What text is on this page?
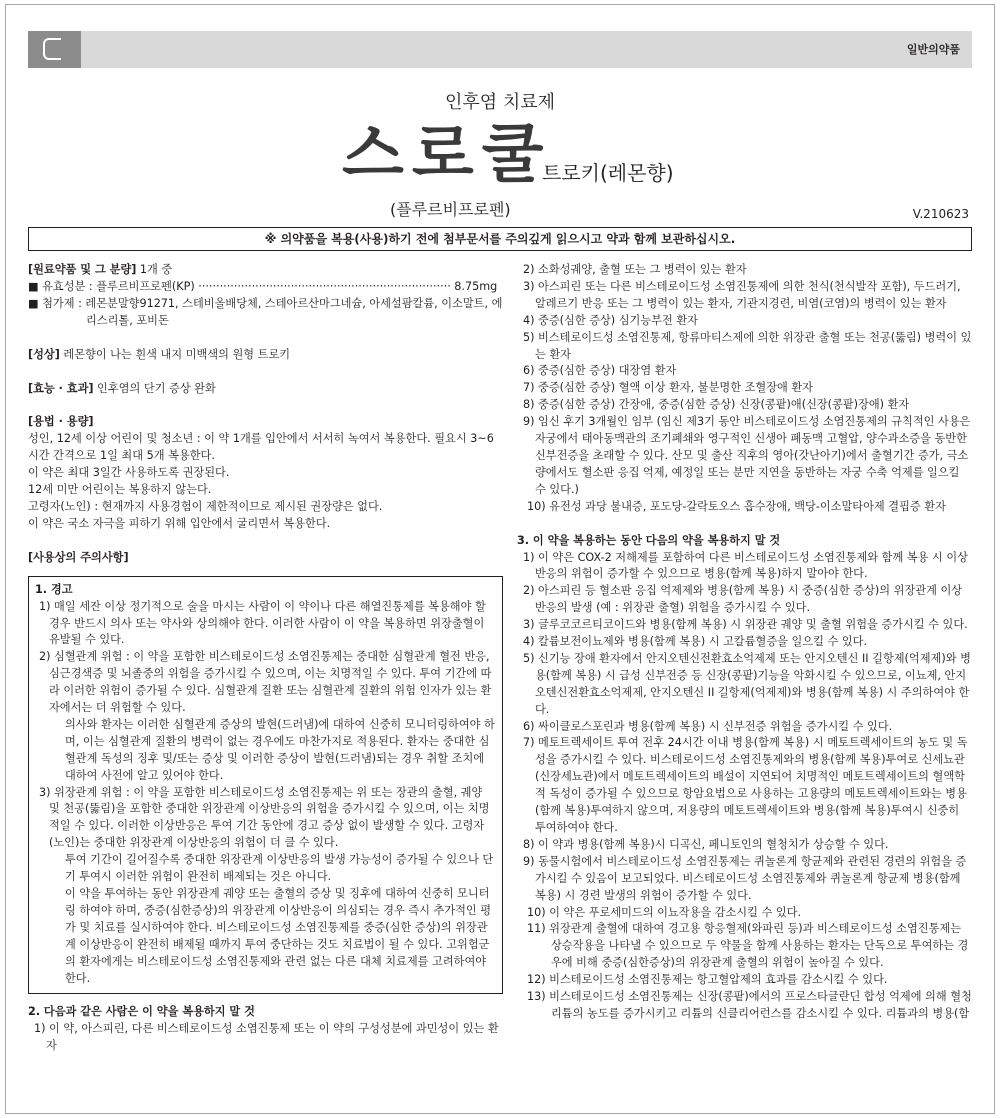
일반의약품
인후염 치료제
스로쿨
트로키(레몬향)
(플루르비프로펜)	V.210623
※ 의약품을 복용(사용)하기 전에 첨부문서를 주의깊게 읽으시고 약과 함께 보관하십시오.

[원료약품 및 그 분량] 1개 중

■ 유효성분 : 플루르비프로펜(KP) ······································································· 8.75mg

■ 첨가제 : 레몬분말향91271, 스테비올배당체, 스테아르산마그네슘, 아세설팜칼륨, 이소말트, 에리스리톨, 포비돈

[성상] 레몬향이 나는 흰색 내지 미백색의 원형 트로키

[효능 · 효과] 인후염의 단기 증상 완화

[용법 · 용량]

성인, 12세 이상 어린이 및 청소년 : 이 약 1개를 입안에서 서서히 녹여서 복용한다. 필요시 3~6시간 간격으로 1일 최대 5개 복용한다.

이 약은 최대 3일간 사용하도록 권장된다.

12세 미만 어린이는 복용하지 않는다.

고령자(노인) : 현재까지 사용경험이 제한적이므로 제시된 권장량은 없다.

이 약은 국소 자극을 피하기 위해 입안에서 굴리면서 복용한다.

[사용상의 주의사항]

1. 경고

1) 매일 세잔 이상 정기적으로 술을 마시는 사람이 이 약이나 다른 해열진통제를 복용해야 할 경우 반드시 의사 또는 약사와 상의해야 한다. 이러한 사람이 이 약을 복용하면 위장출혈이 유발될 수 있다.

2) 심혈관계 위험 : 이 약을 포함한 비스테로이드성 소염진통제는 중대한 심혈관계 혈전 반응, 심근경색증 및 뇌졸중의 위험을 증가시킬 수 있으며, 이는 치명적일 수 있다. 투여 기간에 따라 이러한 위험이 증가될 수 있다. 심혈관계 질환 또는 심혈관계 질환의 위험 인자가 있는 환자에서는 더 위험할 수 있다.

의사와 환자는 이러한 심혈관계 증상의 발현(드러냄)에 대하여 신중히 모니터링하여야 하며, 이는 심혈관계 질환의 병력이 없는 경우에도 마찬가지로 적용된다. 환자는 중대한 심혈관계 독성의 징후 및/또는 증상 및 이러한 증상이 발현(드러냄)되는 경우 취할 조치에 대하여 사전에 알고 있어야 한다.

3) 위장관계 위험 : 이 약을 포함한 비스테로이드성 소염진통제는 위 또는 장관의 출혈, 궤양 및 천공(뚫림)을 포함한 중대한 위장관계 이상반응의 위험을 증가시킬 수 있으며, 이는 치명적일 수 있다. 이러한 이상반응은 투여 기간 동안에 경고 증상 없이 발생할 수 있다. 고령자(노인)는 중대한 위장관계 이상반응의 위험이 더 클 수 있다.

투여 기간이 길어질수록 중대한 위장관계 이상반응의 발생 가능성이 증가될 수 있으나 단기 투여시 이러한 위험이 완전히 배제되는 것은 아니다.

이 약을 투여하는 동안 위장관계 궤양 또는 출혈의 증상 및 징후에 대하여 신중히 모니터링 하여야 하며, 중증(심한증상)의 위장관계 이상반응이 의심되는 경우 즉시 추가적인 평가 및 치료를 실시하여야 한다. 비스테로이드성 소염진통제를 중증(심한 증상)의 위장관계 이상반응이 완전히 배제될 때까지 투여 중단하는 것도 치료법이 될 수 있다. 고위험군의 환자에게는 비스테로이드성 소염진통제와 관련 없는 다른 대체 치료제를 고려하여야 한다.

2. 다음과 같은 사람은 이 약을 복용하지 말 것

1) 이 약, 아스피린, 다른 비스테로이드성 소염진통제 또는 이 약의 구성성분에 과민성이 있는 환자

2) 소화성궤양, 출혈 또는 그 병력이 있는 환자

3) 아스피린 또는 다른 비스테로이드성 소염진통제에 의한 천식(천식발작 포함), 두드러기, 알레르기 반응 또는 그 병력이 있는 환자, 기관지경련, 비염(코염)의 병력이 있는 환자

4) 중증(심한 증상) 심기능부전 환자

5) 비스테로이드성 소염진통제, 항류마티스제에 의한 위장관 출혈 또는 천공(뚫림) 병력이 있는 환자

6) 중증(심한 증상) 대장염 환자

7) 중증(심한 증상) 혈액 이상 환자, 불분명한 조혈장애 환자

8) 중증(심한 증상) 간장애, 중증(심한 증상) 신장(콩팥)애(신장(콩팥)장애) 환자

9) 임신 후기 3개월인 임부 (임신 제3기 동안 비스테로이드성 소염진통제의 규칙적인 사용은 자궁에서 태아동맥관의 조기폐쇄와 영구적인 신생아 폐동맥 고혈압, 양수과소증을 동반한 신부전증을 초래할 수 있다. 산모 및 출산 직후의 영아(갓난아기)에서 출혈기간 증가, 극소량에서도 혈소판 응집 억제, 예정일 또는 분만 지연을 동반하는 자궁 수축 억제를 일으킬 수 있다.)

10) 유전성 과당 불내증, 포도당-갈락토오스 흡수장애, 백당-이소말타아제 결핍증 환자

3. 이 약을 복용하는 동안 다음의 약을 복용하지 말 것

1) 이 약은 COX-2 저해제를 포함하여 다른 비스테로이드성 소염진통제와 함께 복용 시 이상반응의 위험이 증가할 수 있으므로 병용(함께 복용)하지 말아야 한다.

2) 아스피린 등 혈소판 응집 억제제와 병용(함께 복용) 시 중증(심한 증상)의 위장관계 이상반응의 발생 (예 : 위장관 출혈) 위험을 증가시킬 수 있다.

3) 글루코코르티코이드와 병용(함께 복용) 시 위장관 궤양 및 출혈 위험을 증가시킬 수 있다.

4) 칼륨보전이뇨제와 병용(함께 복용) 시 고칼륨혈증을 일으킬 수 있다.

5) 신기능 장애 환자에서 안지오텐신전환효소억제제 또는 안지오텐신 II 길항제(억제제)와 병용(함께 복용) 시 급성 신부전증 등 신장(콩팥)기능을 악화시킬 수 있으므로, 이뇨제, 안지오텐신전환효소억제제, 안지오텐신 II 길항제(억제제)와 병용(함께 복용) 시 주의하여야 한다.

6) 싸이클로스포린과 병용(함께 복용) 시 신부전증 위험을 증가시킬 수 있다.

7) 메토트렉세이트 투여 전후 24시간 이내 병용(함께 복용) 시 메토트렉세이트의 농도 및 독성을 증가시킬 수 있다. 비스테로이드성 소염진통제와의 병용(함께 복용)투여로 신세뇨관(신장세뇨관)에서 메토트렉세이트의 배설이 지연되어 치명적인 메토트렉세이트의 혈액학적 독성이 증가될 수 있으므로 항암요법으로 사용하는 고용량의 메토트렉세이트와는 병용(함께 복용)투여하지 않으며, 저용량의 메토트렉세이트와 병용(함께 복용)투여시 신중히 투여하여야 한다.

8) 이 약과 병용(함께 복용)시 디곡신, 페니토인의 혈청치가 상승할 수 있다.

9) 동물시험에서 비스테로이드성 소염진통제는 퀴놀론계 항균제와 관련된 경련의 위험을 증가시킬 수 있음이 보고되었다. 비스테로이드성 소염진통제와 퀴놀론계 항균제 병용(함께 복용) 시 경련 발생의 위험이 증가할 수 있다.

10) 이 약은 푸로세미드의 이뇨작용을 감소시킬 수 있다.

11) 위장관계 출혈에 대하여 경고용 항응혈제(와파린 등)과 비스테로이드성 소염진통제는 상승작용을 나타낼 수 있으므로 두 약물을 함께 사용하는 환자는 단독으로 투여하는 경우에 비해 중증(심한증상)의 위장관계 출혈의 위험이 높아질 수 있다.

12) 비스테로이드성 소염진통제는 항고혈압제의 효과를 감소시킬 수 있다.

13) 비스테로이드성 소염진통제는 신장(콩팥)에서의 프로스타글란딘 합성 억제에 의해 혈청 리튬의 농도를 증가시키고 리튬의 신클리어런스를 감소시킬 수 있다. 리튬과의 병용(함
